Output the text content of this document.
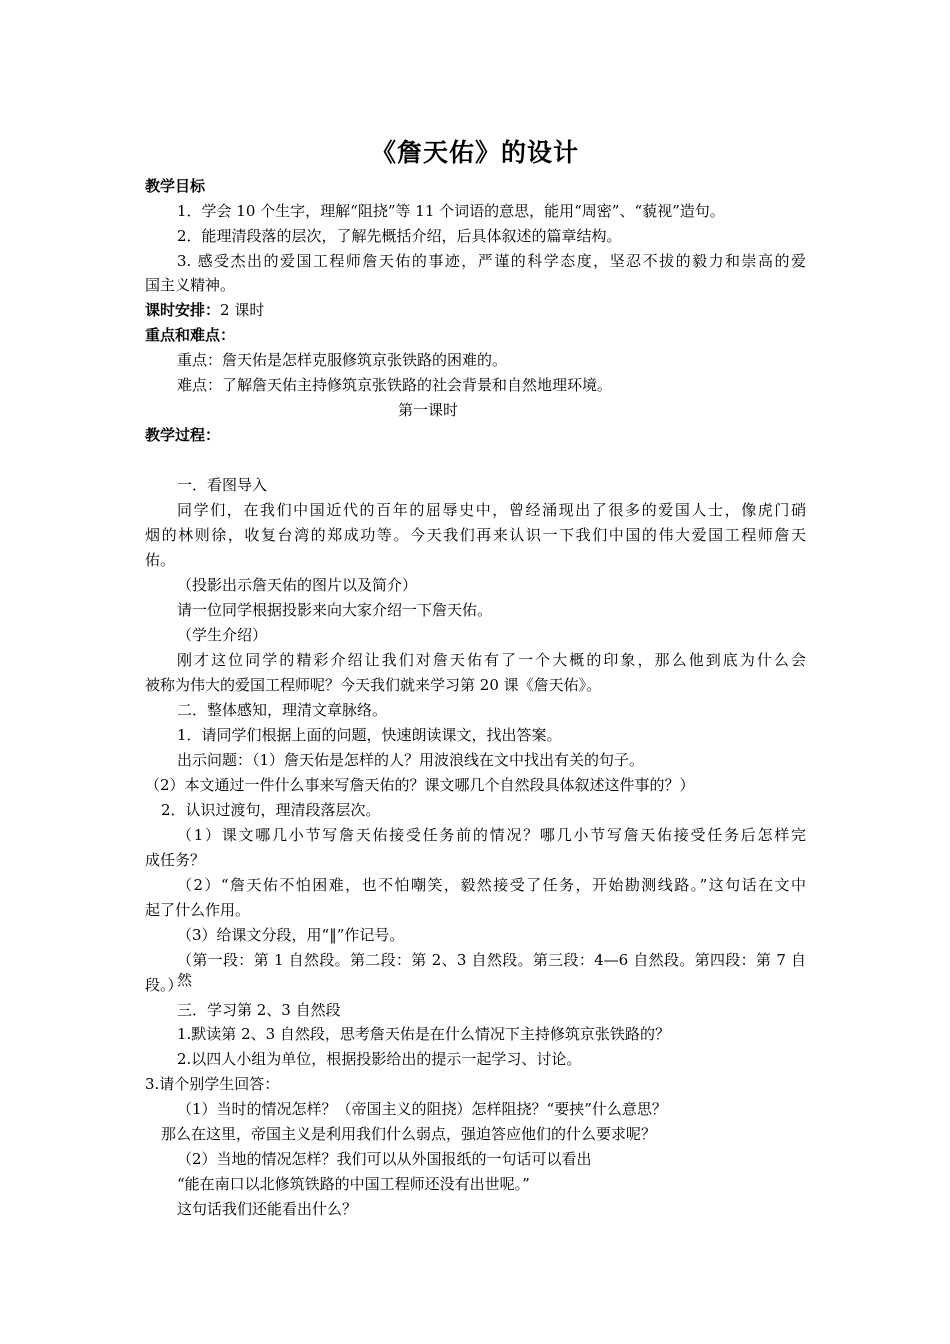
《詹天佑》的设计
教学目标
1．学会 10 个生字，理解“阻挠”等 11 个词语的意思，能用“周密”、“藐视”造句。
2．能理清段落的层次，了解先概括介绍，后具体叙述的篇章结构。
3. 感受杰出的爱国工程师詹天佑的事迹，严谨的科学态度，坚忍不拔的毅力和崇高的爱
国主义精神。
课时安排：2 课时
重点和难点：
重点：詹天佑是怎样克服修筑京张铁路的困难的。
难点：了解詹天佑主持修筑京张铁路的社会背景和自然地理环境。
第一课时
教学过程：
一．看图导入
同学们，在我们中国近代的百年的屈辱史中，曾经涌现出了很多的爱国人士，像虎门硝
烟的林则徐，收复台湾的郑成功等。今天我们再来认识一下我们中国的伟大爱国工程师詹天
佑。
（投影出示詹天佑的图片以及简介）
请一位同学根据投影来向大家介绍一下詹天佑。
（学生介绍）
刚才这位同学的精彩介绍让我们对詹天佑有了一个大概的印象，那么他到底为什么会
被称为伟大的爱国工程师呢？今天我们就来学习第 20 课《詹天佑》。
二．整体感知，理清文章脉络。
1．请同学们根据上面的问题，快速朗读课文，找出答案。
出示问题：（1）詹天佑是怎样的人？用波浪线在文中找出有关的句子。
（2）本文通过一件什么事来写詹天佑的？课文哪几个自然段具体叙述这件事的？）
2．认识过渡句，理清段落层次。
（1）课文哪几小节写詹天佑接受任务前的情况？哪几小节写詹天佑接受任务后怎样完
成任务？
（2）“詹天佑不怕困难，也不怕嘲笑，毅然接受了任务，开始勘测线路。”这句话在文中
起了什么作用。
（3）给课文分段，用“‖”作记号。
（第一段：第 1 自然段。第二段：第 2、3 自然段。第三段：4—6 自然段。第四段：第 7 自然
段。）
三．学习第 2、3 自然段
1.默读第 2、3 自然段，思考詹天佑是在什么情况下主持修筑京张铁路的？
2.以四人小组为单位，根据投影给出的提示一起学习、讨论。
3.请个别学生回答：
（1）当时的情况怎样？（帝国主义的阻挠）怎样阻挠？“要挟”什么意思？
那么在这里，帝国主义是利用我们什么弱点，强迫答应他们的什么要求呢？
（2）当地的情况怎样？我们可以从外国报纸的一句话可以看出
“能在南口以北修筑铁路的中国工程师还没有出世呢。”
这句话我们还能看出什么？
